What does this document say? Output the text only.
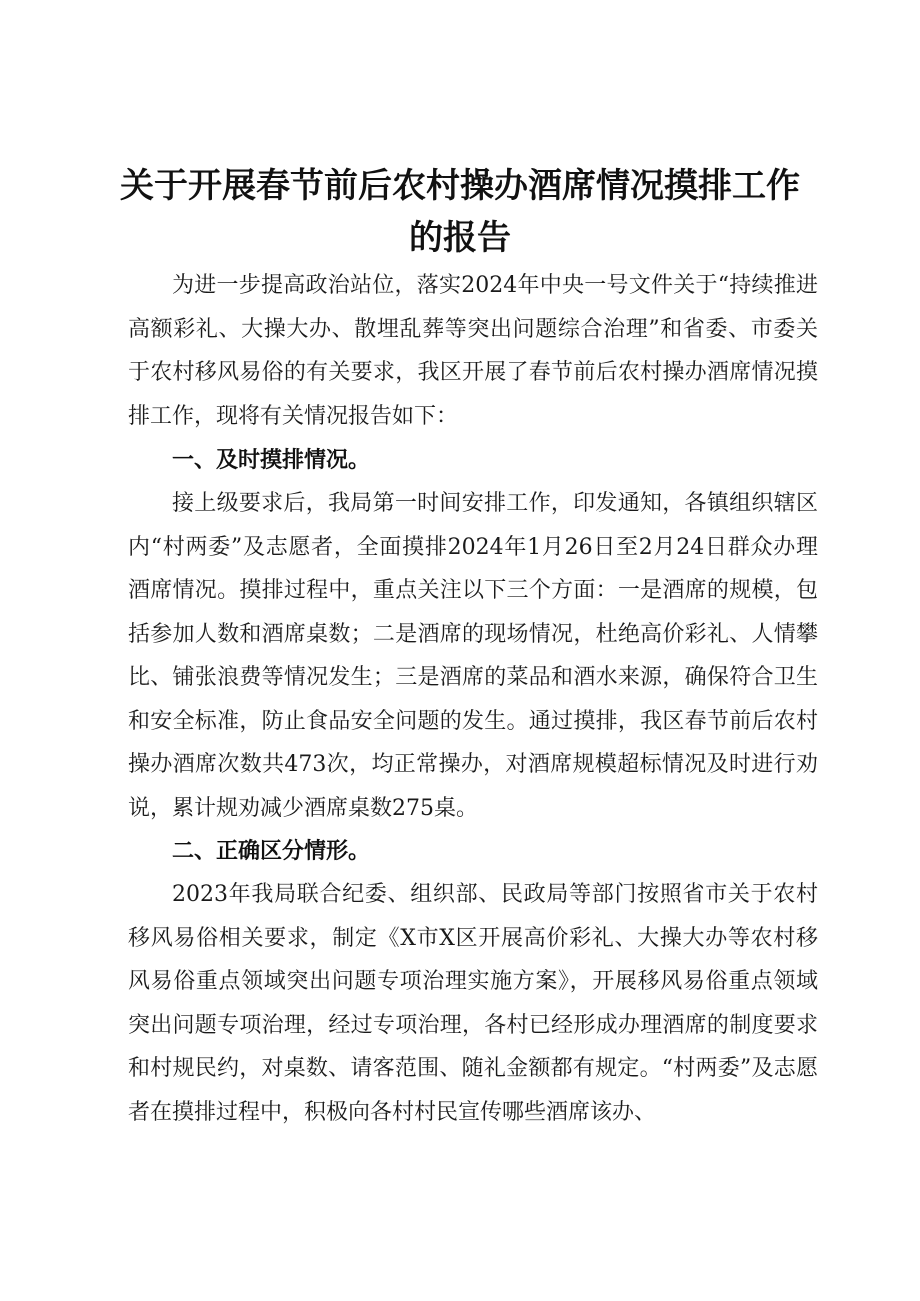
关于开展春节前后农村操办酒席情况摸排工作
的报告

为进一步提高政治站位，落实2024年中央一号文件关于“持续推进高额彩礼、大操大办、散埋乱葬等突出问题综合治理”和省委、市委关于农村移风易俗的有关要求，我区开展了春节前后农村操办酒席情况摸排工作，现将有关情况报告如下：

一、及时摸排情况。

接上级要求后，我局第一时间安排工作，印发通知，各镇组织辖区内“村两委”及志愿者，全面摸排2024年1月26日至2月24日群众办理酒席情况。摸排过程中，重点关注以下三个方面：一是酒席的规模，包括参加人数和酒席桌数；二是酒席的现场情况，杜绝高价彩礼、人情攀比、铺张浪费等情况发生；三是酒席的菜品和酒水来源，确保符合卫生和安全标准，防止食品安全问题的发生。通过摸排，我区春节前后农村操办酒席次数共473次，均正常操办，对酒席规模超标情况及时进行劝说，累计规劝减少酒席桌数275桌。

二、正确区分情形。

2023年我局联合纪委、组织部、民政局等部门按照省市关于农村移风易俗相关要求，制定《X市X区开展高价彩礼、大操大办等农村移风易俗重点领域突出问题专项治理实施方案》，开展移风易俗重点领域突出问题专项治理，经过专项治理，各村已经形成办理酒席的制度要求和村规民约，对桌数、请客范围、随礼金额都有规定。“村两委”及志愿者在摸排过程中，积极向各村村民宣传哪些酒席该办、
